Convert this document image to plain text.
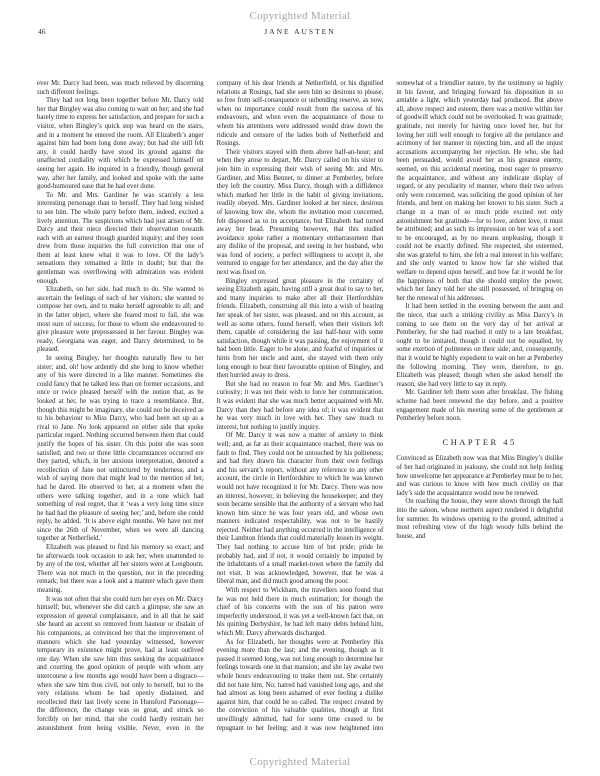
Copyrighted Material
46	JANE AUSTEN

ever Mr. Darcy had been, was much relieved by discerning such different feelings.

They had not long been together before Mr. Darcy told her that Bingley was also coming to wait on her; and she had barely time to express her satisfaction, and prepare for such a visitor, when Bingley’s quick step was heard on the stairs, and in a moment he entered the room. All Elizabeth’s anger against him had been long done away; but had she still felt any, it could hardly have stood its ground against the unaffected cordiality with which he expressed himself on seeing her again. He inquired in a friendly, though general way, after her family, and looked and spoke with the same good-humoured ease that he had ever done.

To Mr. and Mrs. Gardiner he was scarcely a less interesting personage than to herself. They had long wished to see him. The whole party before them, indeed, excited a lively attention. The suspicions which had just arisen of Mr. Darcy and their niece directed their observation towards each with an earnest though guarded inquiry; and they soon drew from those inquiries the full conviction that one of them at least knew what it was to love. Of the lady’s sensations they remained a little in doubt; but that the gentleman was overflowing with admiration was evident enough.

Elizabeth, on her side, had much to do. She wanted to ascertain the feelings of each of her visitors; she wanted to compose her own, and to make herself agreeable to all; and in the latter object, where she feared most to fail, she was most sure of success, for those to whom she endeavoured to give pleasure were prepossessed in her favour. Bingley was ready, Georgiana was eager, and Darcy determined, to be pleased.

In seeing Bingley, her thoughts naturally flew to her sister; and, oh! how ardently did she long to know whether any of his were directed in a like manner. Sometimes she could fancy that he talked less than on former occasions, and once or twice pleased herself with the notion that, as he looked at her, he was trying to trace a resemblance. But, though this might be imaginary, she could not be deceived as to his behaviour to Miss Darcy, who had been set up as a rival to Jane. No look appeared on either side that spoke particular regard. Nothing occurred between them that could justify the hopes of his sister. On this point she was soon satisfied; and two or three little circumstances occurred ere they parted, which, in her anxious interpretation, denoted a recollection of Jane not untinctured by tenderness, and a wish of saying more that might lead to the mention of her, had he dared. He observed to her, at a moment when the others were talking together, and in a tone which had something of real regret, that it ‘was a very long time since he had had the pleasure of seeing her;’ and, before she could reply, he added, ‘It is above eight months. We have not met since the 26th of November, when we were all dancing together at Netherfield.’

Elizabeth was pleased to find his memory so exact; and he afterwards took occasion to ask her, when unattended to by any of the rest, whether all her sisters were at Longbourn. There was not much in the question, nor in the preceding remark; but there was a look and a manner which gave them meaning.

It was not often that she could turn her eyes on Mr. Darcy himself; but, whenever she did catch a glimpse, she saw an expression of general complaisance, and in all that he said she heard an accent so removed from hauteur or disdain of his companions, as convinced her that the improvement of manners which she had yesterday witnessed, however temporary its existence might prove, had at least outlived one day. When she saw him thus seeking the acquaintance and courting the good opinion of people with whom any intercourse a few months ago would have been a disgrace—when she saw him thus civil, not only to herself, but to the very relations whom he had openly disdained, and recollected their last lively scene in Hunsford Parsonage—the difference, the change was so great, and struck so forcibly on her mind, that she could hardly restrain her astonishment from being visible. Never, even in the company of his dear friends at Netherfield, or his dignified relations at Rosings, had she seen him so desirous to please, so free from self-consequence or unbending reserve, as now, when no importance could result from the success of his endeavours, and when even the acquaintance of those to whom his attentions were addressed would draw down the ridicule and censure of the ladies both of Netherfield and Rosings.

Their visitors stayed with them above half-an-hour; and when they arose to depart, Mr. Darcy called on his sister to join him in expressing their wish of seeing Mr. and Mrs. Gardiner, and Miss Bennet, to dinner at Pemberley, before they left the country. Miss Darcy, though with a diffidence which marked her little in the habit of giving invitations, readily obeyed. Mrs. Gardiner looked at her niece, desirous of knowing how she, whom the invitation most concerned, felt disposed as to its acceptance, but Elizabeth had turned away her head. Presuming however, that this studied avoidance spoke rather a momentary embarrassment than any dislike of the proposal, and seeing in her husband, who was fond of society, a perfect willingness to accept it, she ventured to engage for her attendance, and the day after the next was fixed on.

Bingley expressed great pleasure in the certainty of seeing Elizabeth again, having still a great deal to say to her, and many inquiries to make after all their Hertfordshire friends. Elizabeth, construing all this into a wish of hearing her speak of her sister, was pleased, and on this account, as well as some others, found herself, when their visitors left them, capable of considering the last half-hour with some satisfaction, though while it was passing, the enjoyment of it had been little. Eager to be alone, and fearful of inquiries or hints from her uncle and aunt, she stayed with them only long enough to hear their favourable opinion of Bingley, and then hurried away to dress.

But she had no reason to fear Mr. and Mrs. Gardiner’s curiosity; it was not their wish to force her communication. It was evident that she was much better acquainted with Mr. Darcy than they had before any idea of; it was evident that he was very much in love with her. They saw much to interest, but nothing to justify inquiry.

Of Mr. Darcy it was now a matter of anxiety to think well; and, as far as their acquaintance reached, there was no fault to find. They could not be untouched by his politeness; and had they drawn his character from their own feelings and his servant’s report, without any reference to any other account, the circle in Hertfordshire to which he was known would not have recognized it for Mr. Darcy. There was now an interest, however, in believing the housekeeper; and they soon became sensible that the authority of a servant who had known him since he was four years old, and whose own manners indicated respectability, was not to be hastily rejected. Neither had anything occurred in the intelligence of their Lambton friends that could materially lessen its weight. They had nothing to accuse him of but pride; pride he probably had, and if not, it would certainly be imputed by the inhabitants of a small market-town where the family did not visit. It was acknowledged, however, that he was a liberal man, and did much good among the poor.

With respect to Wickham, the travellers soon found that he was not held there in much estimation; for though the chief of his concerns with the son of his patron were imperfectly understood, it was yet a well-known fact that, on his quitting Derbyshire, he had left many debts behind him, which Mr. Darcy afterwards discharged.

As for Elizabeth, her thoughts were at Pemberley this evening more than the last; and the evening, though as it passed it seemed long, was not long enough to determine her feelings towards one in that mansion; and she lay awake two whole hours endeavouring to make them out. She certainly did not hate him. No; hatred had vanished long ago, and she had almost as long been ashamed of ever feeling a dislike against him, that could be so called. The respect created by the conviction of his valuable qualities, though at first unwillingly admitted, had for some time ceased to be repugnant to her feeling; and it was now heightened into somewhat of a friendlier nature, by the testimony so highly in his favour, and bringing forward his disposition in so amiable a light, which yesterday had produced. But above all, above respect and esteem, there was a motive within her of goodwill which could not be overlooked. It was gratitude; gratitude, not merely for having once loved her, but for loving her still well enough to forgive all the petulance and acrimony of her manner in rejecting him, and all the unjust accusations accompanying her rejection. He who, she had been persuaded, would avoid her as his greatest enemy, seemed, on this accidental meeting, most eager to preserve the acquaintance, and without any indelicate display of regard, or any peculiarity of manner, where their two selves only were concerned, was soliciting the good opinion of her friends, and bent on making her known to his sister. Such a change in a man of so much pride excited not only astonishment but gratitude—for to love, ardent love, it must be attributed; and as such its impression on her was of a sort to be encouraged, as by no means unpleasing, though it could not be exactly defined. She respected, she esteemed, she was grateful to him, she felt a real interest in his welfare; and she only wanted to know how far she wished that welfare to depend upon herself, and how far it would be for the happiness of both that she should employ the power, which her fancy told her she still possessed, of bringing on her the renewal of his addresses.

It had been settled in the evening between the aunt and the niece, that such a striking civility as Miss Darcy’s in coming to see them on the very day of her arrival at Pemberley, for she had reached it only to a late breakfast, ought to be imitated, though it could not be equalled, by some exertion of politeness on their side; and, consequently, that it would be highly expedient to wait on her at Pemberley the following morning. They were, therefore, to go. Elizabeth was pleased; though when she asked herself the reason, she had very little to say in reply.

Mr. Gardiner left them soon after breakfast. The fishing scheme had been renewed the day before, and a positive engagement made of his meeting some of the gentlemen at Pemberley before noon.

CHAPTER 45

Convinced as Elizabeth now was that Miss Bingley’s dislike of her had originated in jealousy, she could not help feeling how unwelcome her appearance at Pemberley must be to her, and was curious to know with how much civility on that lady’s side the acquaintance would now be renewed.

On reaching the house, they were shown through the hall into the saloon, whose northern aspect rendered it delightful for summer. Its windows opening to the ground, admitted a most refreshing view of the high woody hills behind the house, and

Copyrighted Material
